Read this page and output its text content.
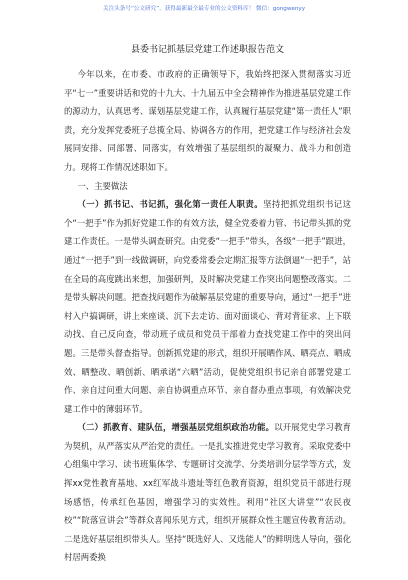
关注头条号“公文研究”，获得最新最全最专业的公文资料库！ 微信：gongwenyy
县委书记抓基层党建工作述职报告范文

今年以来，在市委、市政府的正确领导下，我始终把深入贯彻落实习近平“七一”重要讲话和党的十九大、十九届五中全会精神作为推进基层党建工作的源动力，认真思考、谋划基层党建工作，认真履行基层党建“第一责任人”职责，充分发挥党委班子总揽全局、协调各方的作用，把党建工作与经济社会发展同安排、同部署、同落实，有效增强了基层组织的凝聚力、战斗力和创造力。现将工作情况述职如下。

一、主要做法

（一）抓书记、书记抓，强化第一责任人职责。坚持把抓党组织书记这个“一把手”作为抓好党建工作的有效方法，健全党委着力管、书记带头抓的党建工作责任。一是带头调查研究。由党委“一把手”带头，各级“一把手”跟进，通过“一把手”到一线做调研，向党委常委会定期汇报等方法倒逼“一把手”，站在全局的高度跳出来想，加强研判，及时解决党建工作突出问题整改落实。二是带头解决问题。把查找问题作为破解基层党建的重要导向，通过“一把手”进村入户搞调研，讲上来座谈、沉下去走访、面对面谈心、背对背征求、上下联动找、自己反向查，带动班子成员和党员干部着力查找党建工作中的突出问题。三是带头督查指导。创新抓党建的形式，组织开展晒作风、晒亮点、晒成效、晒整改、晒创新、晒承诺“六晒”活动，促使党组织书记亲自部署党建工作、亲自过问重大问题、亲自协调重点环节、亲自督办重点事项，有效解决党建工作中的薄弱环节。

（二）抓教育、建队伍，增强基层党组织政治功能。以开展党史学习教育为契机，从严落实从严治党的责任。一是扎实推进党史学习教育。采取党委中心组集中学习、读书班集体学、专题研讨交流学、分类培训分层学等方式，发挥xx党性教育基地、xx红军战斗遗址等红色教育资源，组织党员干部进行现场感悟，传承红色基因，增强学习的实效性。利用“社区大讲堂”“农民夜校”“院落宣讲会”等群众喜闻乐见方式，组织开展群众性主题宣传教育活动。二是选好基层组织带头人。坚持“既选好人、又选能人”的鲜明选人导向，强化村居两委换
